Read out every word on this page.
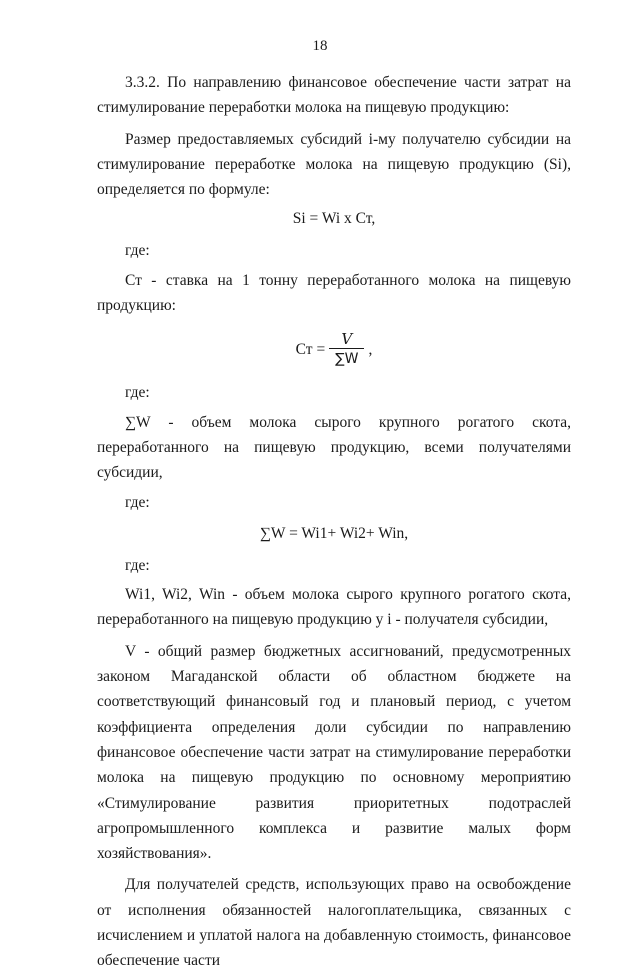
18

3.3.2. По направлению финансовое обеспечение части затрат на стимулирование переработки молока на пищевую продукцию:

Размер предоставляемых субсидий i-му получателю субсидии на стимулирование переработке молока на пищевую продукцию (Si), определяется по формуле:

Si = Wi х Ст,
где:

Ст - ставка на 1 тонну переработанного молока на пищевую продукцию:

Ст = $\frac{V}{\sum W}$ ,
где:

∑W - объем молока сырого крупного рогатого скота, переработанного на пищевую продукцию, всеми получателями субсидии,

где:
∑W = Wi1+ Wi2+ Win,
где:

Wi1, Wi2, Win - объем молока сырого крупного рогатого скота, переработанного на пищевую продукцию у i - получателя субсидии,

V - общий размер бюджетных ассигнований, предусмотренных законом Магаданской области об областном бюджете на соответствующий финансовый год и плановый период, с учетом коэффициента определения доли субсидии по направлению финансовое обеспечение части затрат на стимулирование переработки молока на пищевую продукцию по основному мероприятию «Стимулирование развития приоритетных подотраслей агропромышленного комплекса и развитие малых форм хозяйствования».

Для получателей средств, использующих право на освобождение от исполнения обязанностей налогоплательщика, связанных с исчислением и уплатой налога на добавленную стоимость, финансовое обеспечение части
